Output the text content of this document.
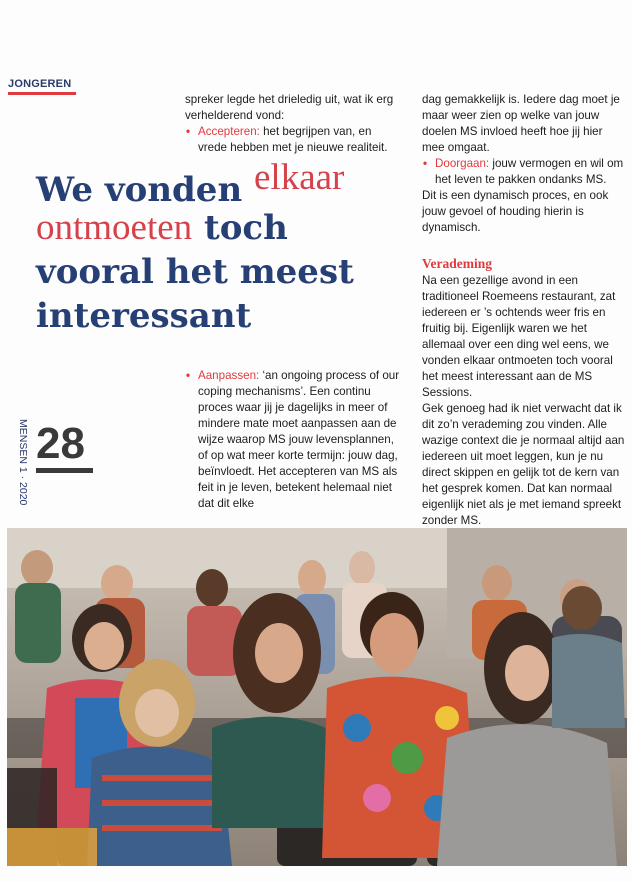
JONGEREN

spreker legde het drieledig uit, wat ik erg verhelderend vond:

• Accepteren: het begrijpen van, en vrede hebben met je nieuwe realiteit.

We vonden elkaar
ontmoeten toch
vooral het meest
interessant

• Aanpassen: ‘an ongoing process of our coping mechanisms’. Een continu proces waar jij je dagelijks in meer of mindere mate moet aanpassen aan de wijze waarop MS jouw levensplannen, of op wat meer korte termijn: jouw dag, beïnvloedt. Het accepteren van MS als feit in je leven, betekent helemaal niet dat dit elke

dag gemakkelijk is. Iedere dag moet je maar weer zien op welke van jouw doelen MS invloed heeft hoe jij hier mee omgaat.

• Doorgaan: jouw vermogen en wil om het leven te pakken ondanks MS.

Dit is een dynamisch proces, en ook jouw gevoel of houding hierin is dynamisch.

Verademing

Na een gezellige avond in een traditioneel Roemeens restaurant, zat iedereen er ’s ochtends weer fris en fruitig bij. Eigenlijk waren we het allemaal over een ding wel eens, we vonden elkaar ontmoeten toch vooral het meest interessant aan de MS Sessions.

Gek genoeg had ik niet verwacht dat ik dit zo’n verademing zou vinden. Alle wazige context die je normaal altijd aan iedereen uit moet leggen, kun je nu direct skippen en gelijk tot de kern van het gesprek komen. Dat kan normaal eigenlijk niet als je met iemand spreekt zonder MS.

MENSEN 1 · 2020 28
